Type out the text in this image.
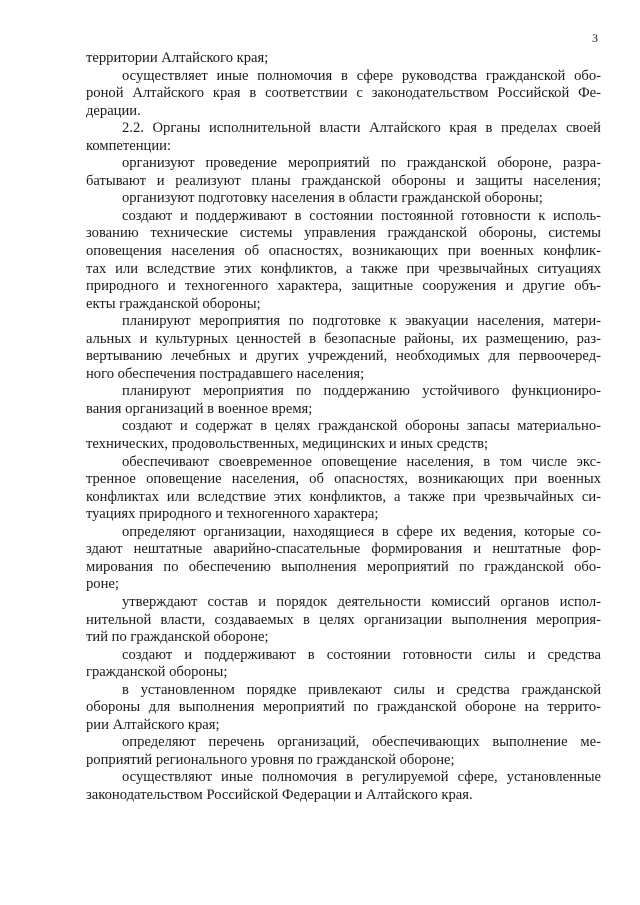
3
территории Алтайского края;
осуществляет иные полномочия в сфере руководства гражданской обо-
роной Алтайского края в соответствии с законодательством Российской Фе-
дерации.
2.2. Органы исполнительной власти Алтайского края в пределах своей
компетенции:
организуют проведение мероприятий по гражданской обороне, разра-
батывают и реализуют планы гражданской обороны и защиты населения;
организуют подготовку населения в области гражданской обороны;
создают и поддерживают в состоянии постоянной готовности к исполь-
зованию технические системы управления гражданской обороны, системы
оповещения населения об опасностях, возникающих при военных конфлик-
тах или вследствие этих конфликтов, а также при чрезвычайных ситуациях
природного и техногенного характера, защитные сооружения и другие объ-
екты гражданской обороны;
планируют мероприятия по подготовке к эвакуации населения, матери-
альных и культурных ценностей в безопасные районы, их размещению, раз-
вертыванию лечебных и других учреждений, необходимых для первоочеред-
ного обеспечения пострадавшего населения;
планируют мероприятия по поддержанию устойчивого функциониро-
вания организаций в военное время;
создают и содержат в целях гражданской обороны запасы материально-
технических, продовольственных, медицинских и иных средств;
обеспечивают своевременное оповещение населения, в том числе экс-
тренное оповещение населения, об опасностях, возникающих при военных
конфликтах или вследствие этих конфликтов, а также при чрезвычайных си-
туациях природного и техногенного характера;
определяют организации, находящиеся в сфере их ведения, которые со-
здают нештатные аварийно-спасательные формирования и нештатные фор-
мирования по обеспечению выполнения мероприятий по гражданской обо-
роне;
утверждают состав и порядок деятельности комиссий органов испол-
нительной власти, создаваемых в целях организации выполнения мероприя-
тий по гражданской обороне;
создают и поддерживают в состоянии готовности силы и средства
гражданской обороны;
в установленном порядке привлекают силы и средства гражданской
обороны для выполнения мероприятий по гражданской обороне на террито-
рии Алтайского края;
определяют перечень организаций, обеспечивающих выполнение ме-
роприятий регионального уровня по гражданской обороне;
осуществляют иные полномочия в регулируемой сфере, установленные
законодательством Российской Федерации и Алтайского края.
